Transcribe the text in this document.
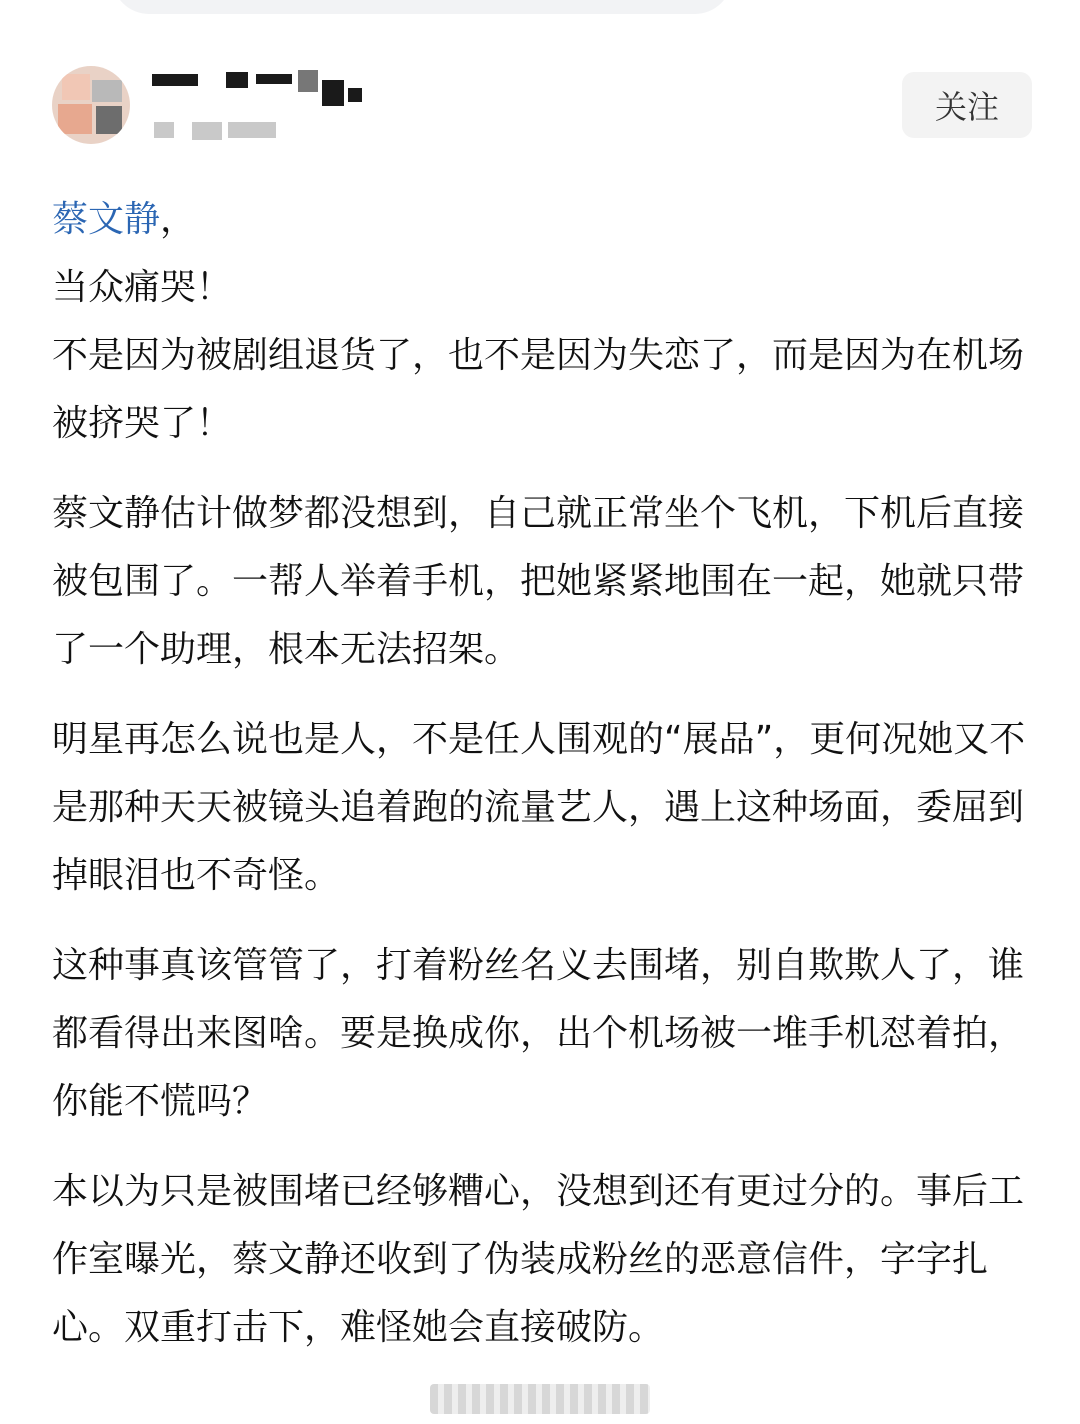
关注

蔡文静，

当众痛哭！
不是因为被剧组退货了，也不是因为失恋了，而是因为在机场被挤哭了！

蔡文静估计做梦都没想到，自己就正常坐个飞机，下机后直接被包围了。一帮人举着手机，把她紧紧地围在一起，她就只带了一个助理，根本无法招架。

明星再怎么说也是人，不是任人围观的“展品”，更何况她又不是那种天天被镜头追着跑的流量艺人，遇上这种场面，委屈到掉眼泪也不奇怪。

这种事真该管管了，打着粉丝名义去围堵，别自欺欺人了，谁都看得出来图啥。要是换成你，出个机场被一堆手机怼着拍，你能不慌吗？

本以为只是被围堵已经够糟心，没想到还有更过分的。事后工作室曝光，蔡文静还收到了伪装成粉丝的恶意信件，字字扎心。双重打击下，难怪她会直接破防。
